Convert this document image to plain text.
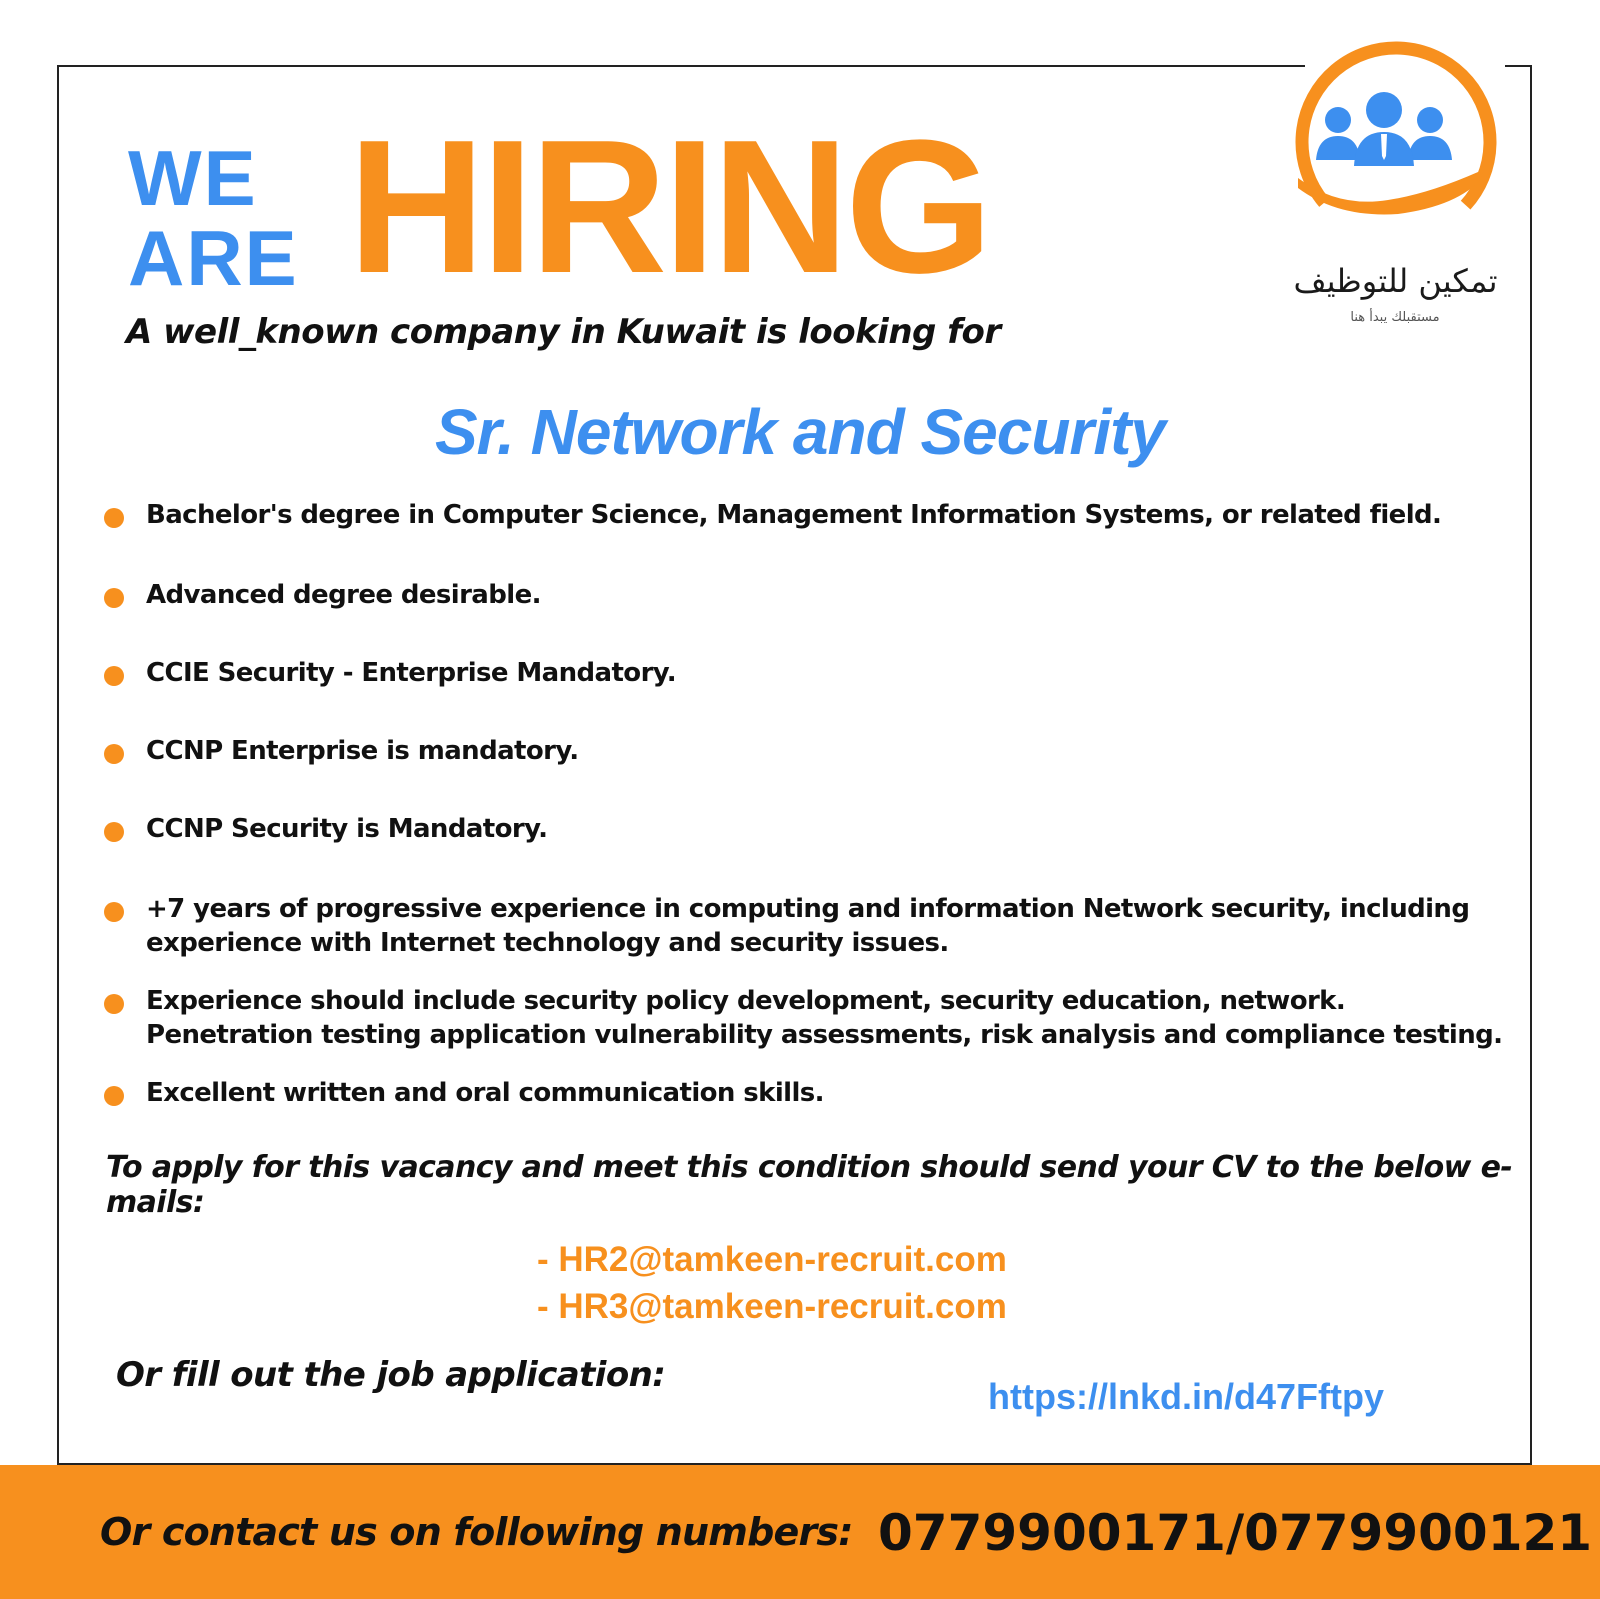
WE
ARE HIRING	تمكين للتوظيف
مستقبلك يبدأ هنا
A well_known company in Kuwait is looking for
Sr. Network and Security
Bachelor's degree in Computer Science, Management Information Systems, or related field.
Advanced degree desirable.
CCIE Security - Enterprise Mandatory.
CCNP Enterprise is mandatory.
CCNP Security is Mandatory.
+7 years of progressive experience in computing and information Network security, including experience with Internet technology and security issues.
Experience should include security policy development, security education, network. Penetration testing application vulnerability assessments, risk analysis and compliance testing.
Excellent written and oral communication skills.
To apply for this vacancy and meet this condition should send your CV to the below e-mails:
- HR2@tamkeen-recruit.com
- HR3@tamkeen-recruit.com
Or fill out the job application:
https://lnkd.in/d47Fftpy
Or contact us on following numbers: 0779900171/0779900121
